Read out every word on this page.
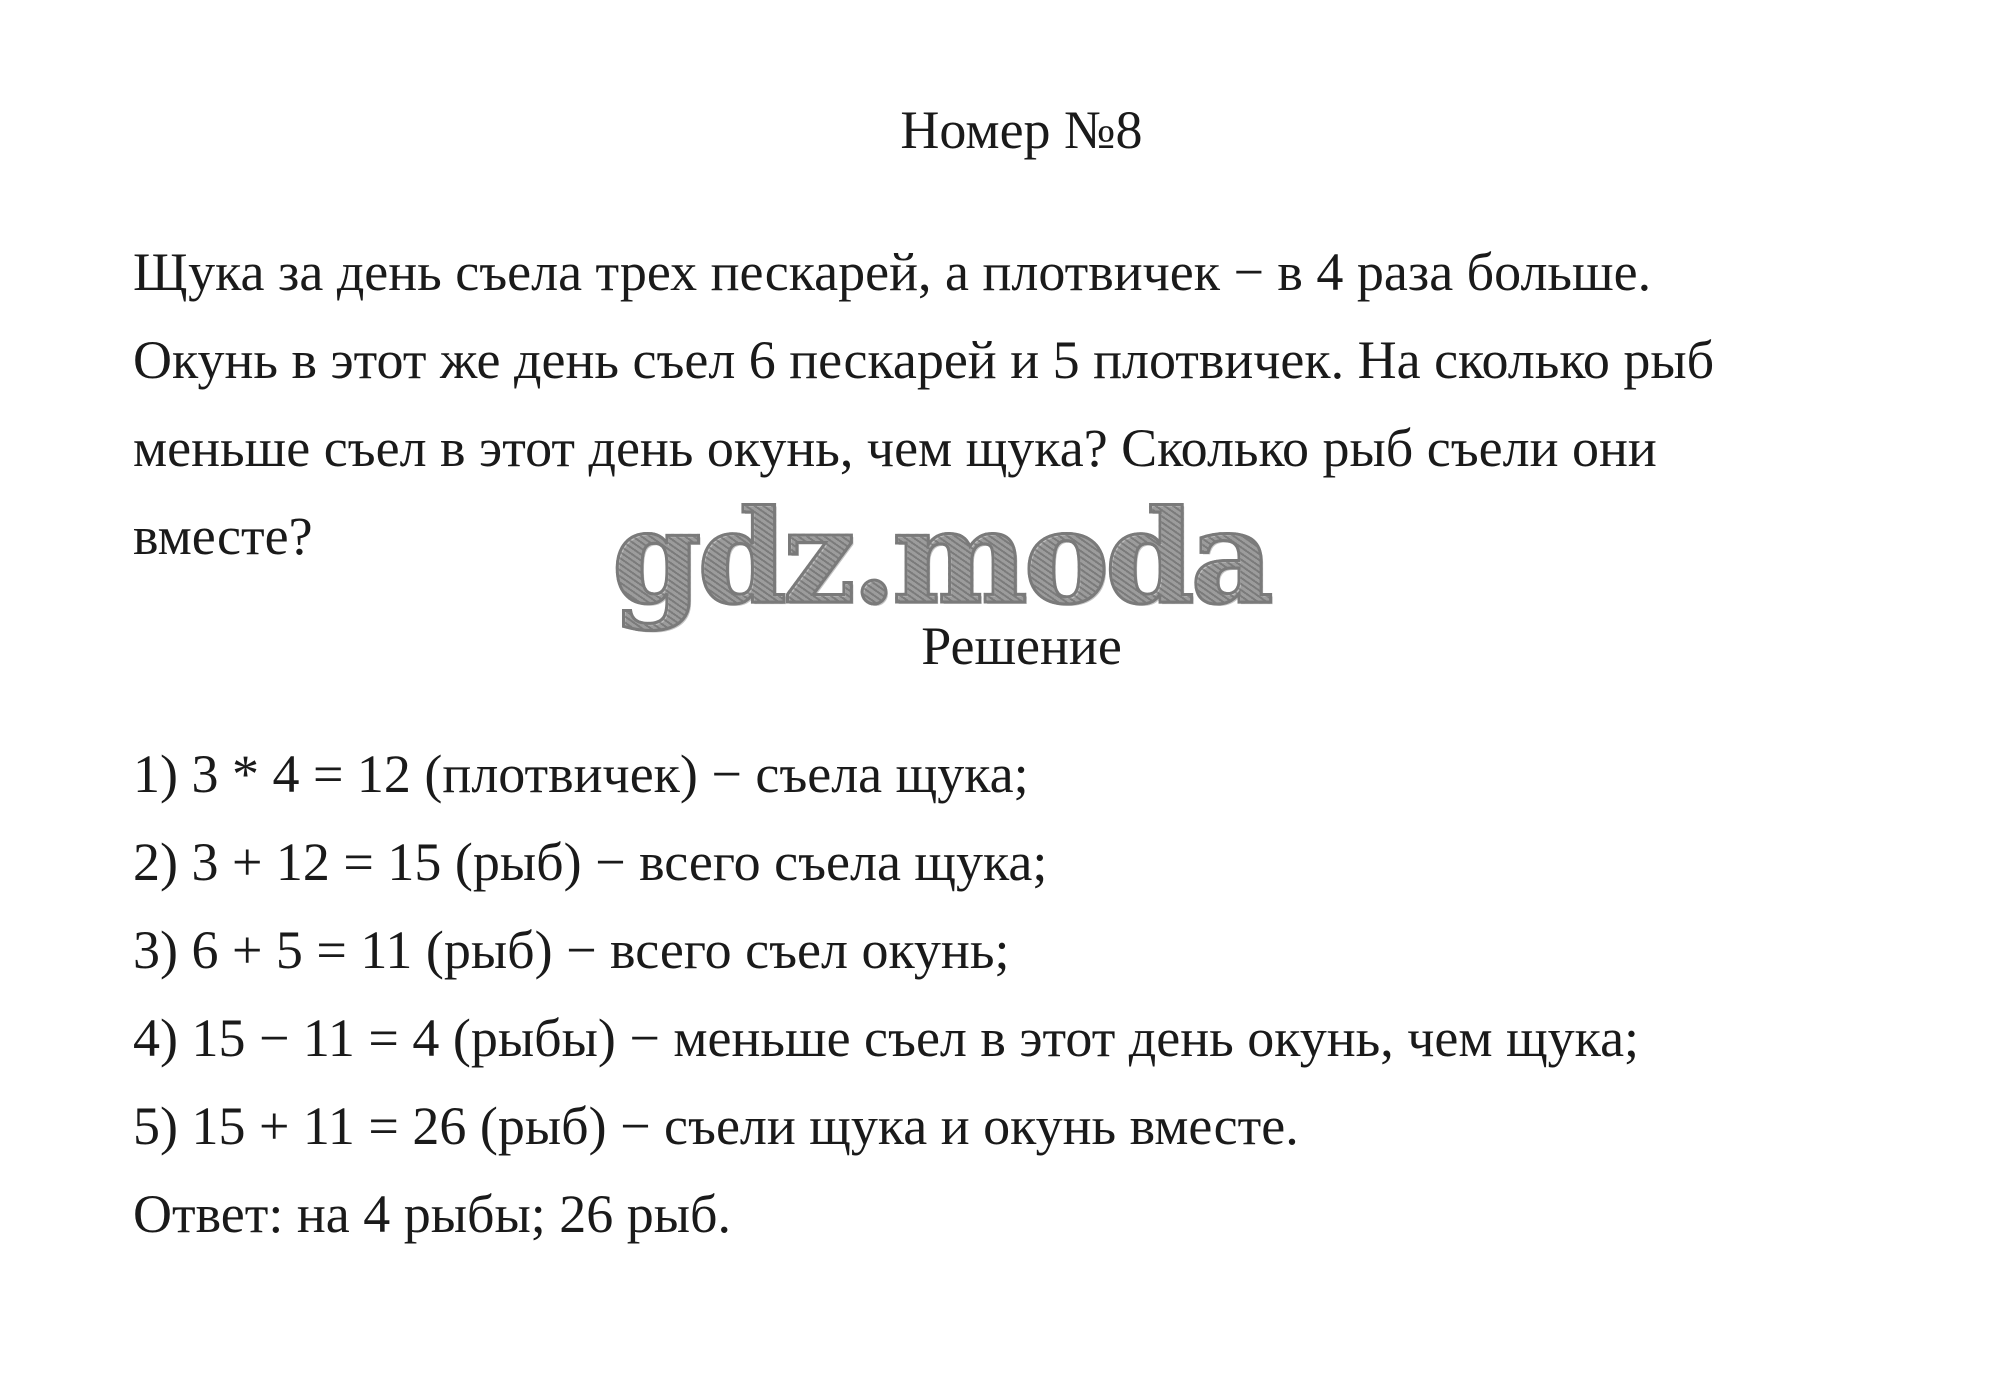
Номер №8
Щука за день съела трех пескарей, а плотвичек − в 4 раза больше.
Окунь в этот же день съел 6 пескарей и 5 плотвичек. На сколько рыб
меньше съел в этот день окунь, чем щука? Сколько рыб съели они
вместе?	gdz.moda
Решение
1) 3 * 4 = 12 (плотвичек) − съела щука;
2) 3 + 12 = 15 (рыб) − всего съела щука;
3) 6 + 5 = 11 (рыб) − всего съел окунь;
4) 15 − 11 = 4 (рыбы) − меньше съел в этот день окунь, чем щука;
5) 15 + 11 = 26 (рыб) − съели щука и окунь вместе.
Ответ: на 4 рыбы; 26 рыб.
